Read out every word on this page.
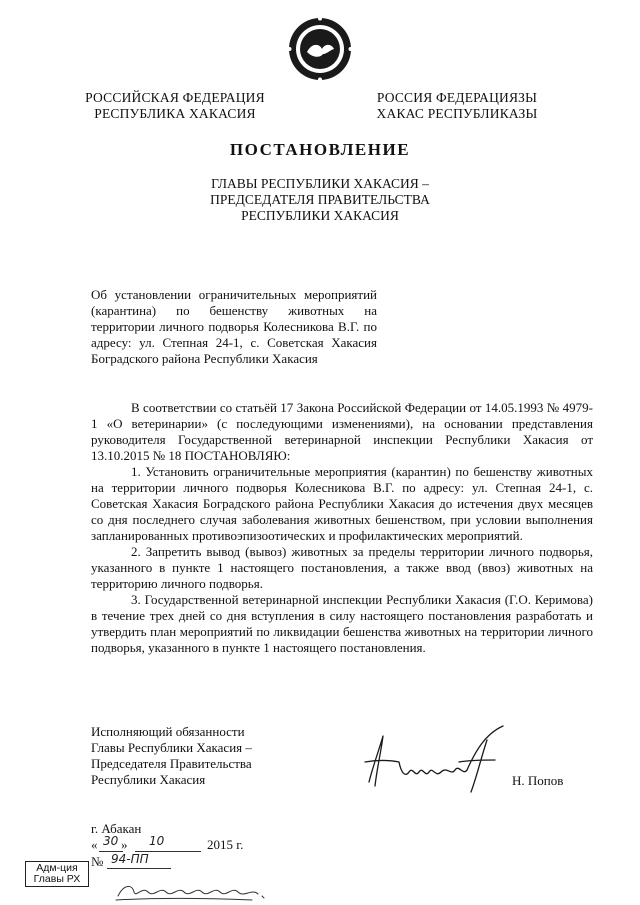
РОССИЙСКАЯ ФЕДЕРАЦИЯ
РЕСПУБЛИКА ХАКАСИЯ
РОССИЯ ФЕДЕРАЦИЯЗЫ
ХАКАС РЕСПУБЛИКАЗЫ
ПОСТАНОВЛЕНИЕ
ГЛАВЫ РЕСПУБЛИКИ ХАКАСИЯ –
ПРЕДСЕДАТЕЛЯ ПРАВИТЕЛЬСТВА
РЕСПУБЛИКИ ХАКАСИЯ
Об установлении ограничительных мероприятий (карантина) по бешенству животных на территории личного подворья Колесникова В.Г. по адресу: ул. Степная 24-1, с. Советская Хакасия Боградского района Республики Хакасия
В соответствии со статьёй 17 Закона Российской Федерации от 14.05.1993 № 4979-1 «О ветеринарии» (с последующими изменениями), на основании представления руководителя Государственной ветеринарной инспекции Республики Хакасия от 13.10.2015 № 18 ПОСТАНОВЛЯЮ:
1. Установить ограничительные мероприятия (карантин) по бешенству животных на территории личного подворья Колесникова В.Г. по адресу: ул. Степная 24-1, с. Советская Хакасия Боградского района Республики Хакасия до истечения двух месяцев со дня последнего случая заболевания животных бешенством, при условии выполнения запланированных противоэпизоотических и профилактических мероприятий.
2. Запретить вывод (вывоз) животных за пределы территории личного подворья, указанного в пункте 1 настоящего постановления, а также ввод (ввоз) животных на территорию личного подворья.
3. Государственной ветеринарной инспекции Республики Хакасия (Г.О. Керимова) в течение трех дней со дня вступления в силу настоящего постановления разработать и утвердить план мероприятий по ликвидации бешенства животных на территории личного подворья, указанного в пункте 1 настоящего постановления.
Исполняющий обязанности
Главы Республики Хакасия –
Председателя Правительства
Республики Хакасия	Н. Попов
г. Абакан
« 30 » 10	2015 г.
№ 94-ПП
Адм-ция
Главы РХ
